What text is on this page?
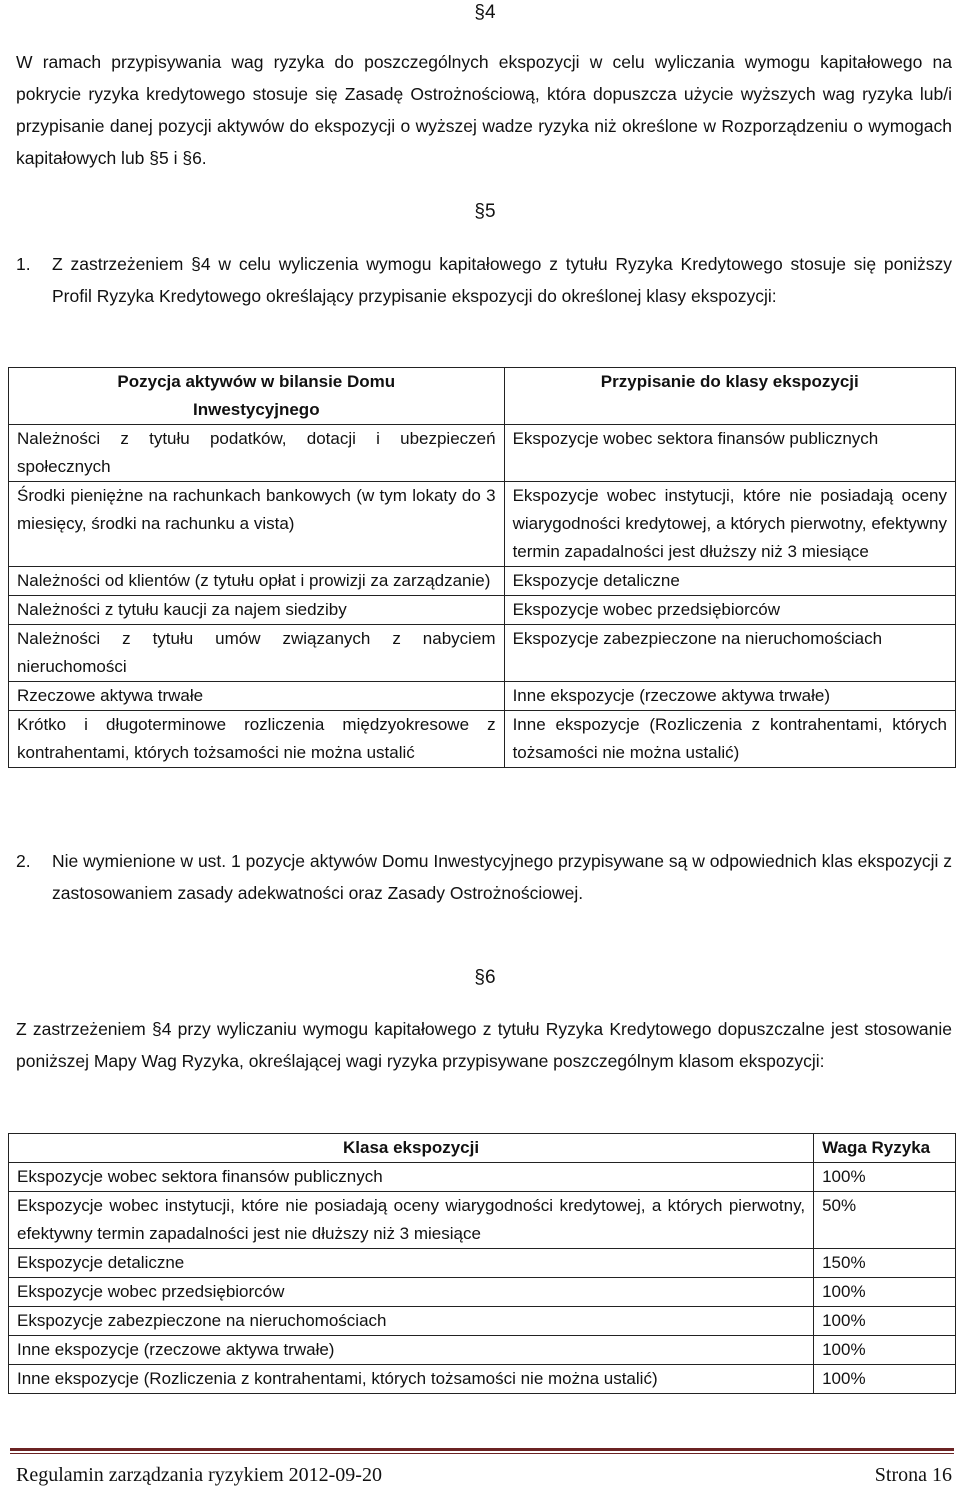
§4
W ramach przypisywania wag ryzyka do poszczególnych ekspozycji w celu wyliczania wymogu kapitałowego na pokrycie ryzyka kredytowego stosuje się Zasadę Ostrożnościową, która dopuszcza użycie wyższych wag ryzyka lub/i przypisanie danej pozycji aktywów do ekspozycji o wyższej wadze ryzyka niż określone w Rozporządzeniu o wymogach kapitałowych lub §5 i §6.
§5
1.	Z zastrzeżeniem §4 w celu wyliczenia wymogu kapitałowego z tytułu Ryzyka Kredytowego stosuje się poniższy Profil Ryzyka Kredytowego określający przypisanie ekspozycji do określonej klasy ekspozycji:
Pozycja aktywów w bilansie Domu Inwestycyjnego	Przypisanie do klasy ekspozycji
Należności z tytułu podatków, dotacji i ubezpieczeń społecznych	Ekspozycje wobec sektora finansów publicznych
Środki pieniężne na rachunkach bankowych (w tym lokaty do 3 miesięcy, środki na rachunku a vista)	Ekspozycje wobec instytucji, które nie posiadają oceny wiarygodności kredytowej, a których pierwotny, efektywny termin zapadalności jest dłuższy niż 3 miesiące
Należności od klientów (z tytułu opłat i prowizji za zarządzanie)	Ekspozycje detaliczne
Należności z tytułu kaucji za najem siedziby	Ekspozycje wobec przedsiębiorców
Należności z tytułu umów związanych z nabyciem nieruchomości	Ekspozycje zabezpieczone na nieruchomościach
Rzeczowe aktywa trwałe	Inne ekspozycje (rzeczowe aktywa trwałe)
Krótko i długoterminowe rozliczenia międzyokresowe z kontrahentami, których tożsamości nie można ustalić	Inne ekspozycje (Rozliczenia z kontrahentami, których tożsamości nie można ustalić)
2.	Nie wymienione w ust. 1 pozycje aktywów Domu Inwestycyjnego przypisywane są w odpowiednich klas ekspozycji z zastosowaniem zasady adekwatności oraz Zasady Ostrożnościowej.
§6
Z zastrzeżeniem §4 przy wyliczaniu wymogu kapitałowego z tytułu Ryzyka Kredytowego dopuszczalne jest stosowanie poniższej Mapy Wag Ryzyka, określającej wagi ryzyka przypisywane poszczególnym klasom ekspozycji:
Klasa ekspozycji	Waga Ryzyka
Ekspozycje wobec sektora finansów publicznych	100%
Ekspozycje wobec instytucji, które nie posiadają oceny wiarygodności kredytowej, a których pierwotny, efektywny termin zapadalności jest nie dłuższy niż 3 miesiące	50%
Ekspozycje detaliczne	150%
Ekspozycje wobec przedsiębiorców	100%
Ekspozycje zabezpieczone na nieruchomościach	100%
Inne ekspozycje (rzeczowe aktywa trwałe)	100%
Inne ekspozycje (Rozliczenia z kontrahentami, których tożsamości nie można ustalić)	100%
Regulamin zarządzania ryzykiem 2012-09-20	Strona 16
